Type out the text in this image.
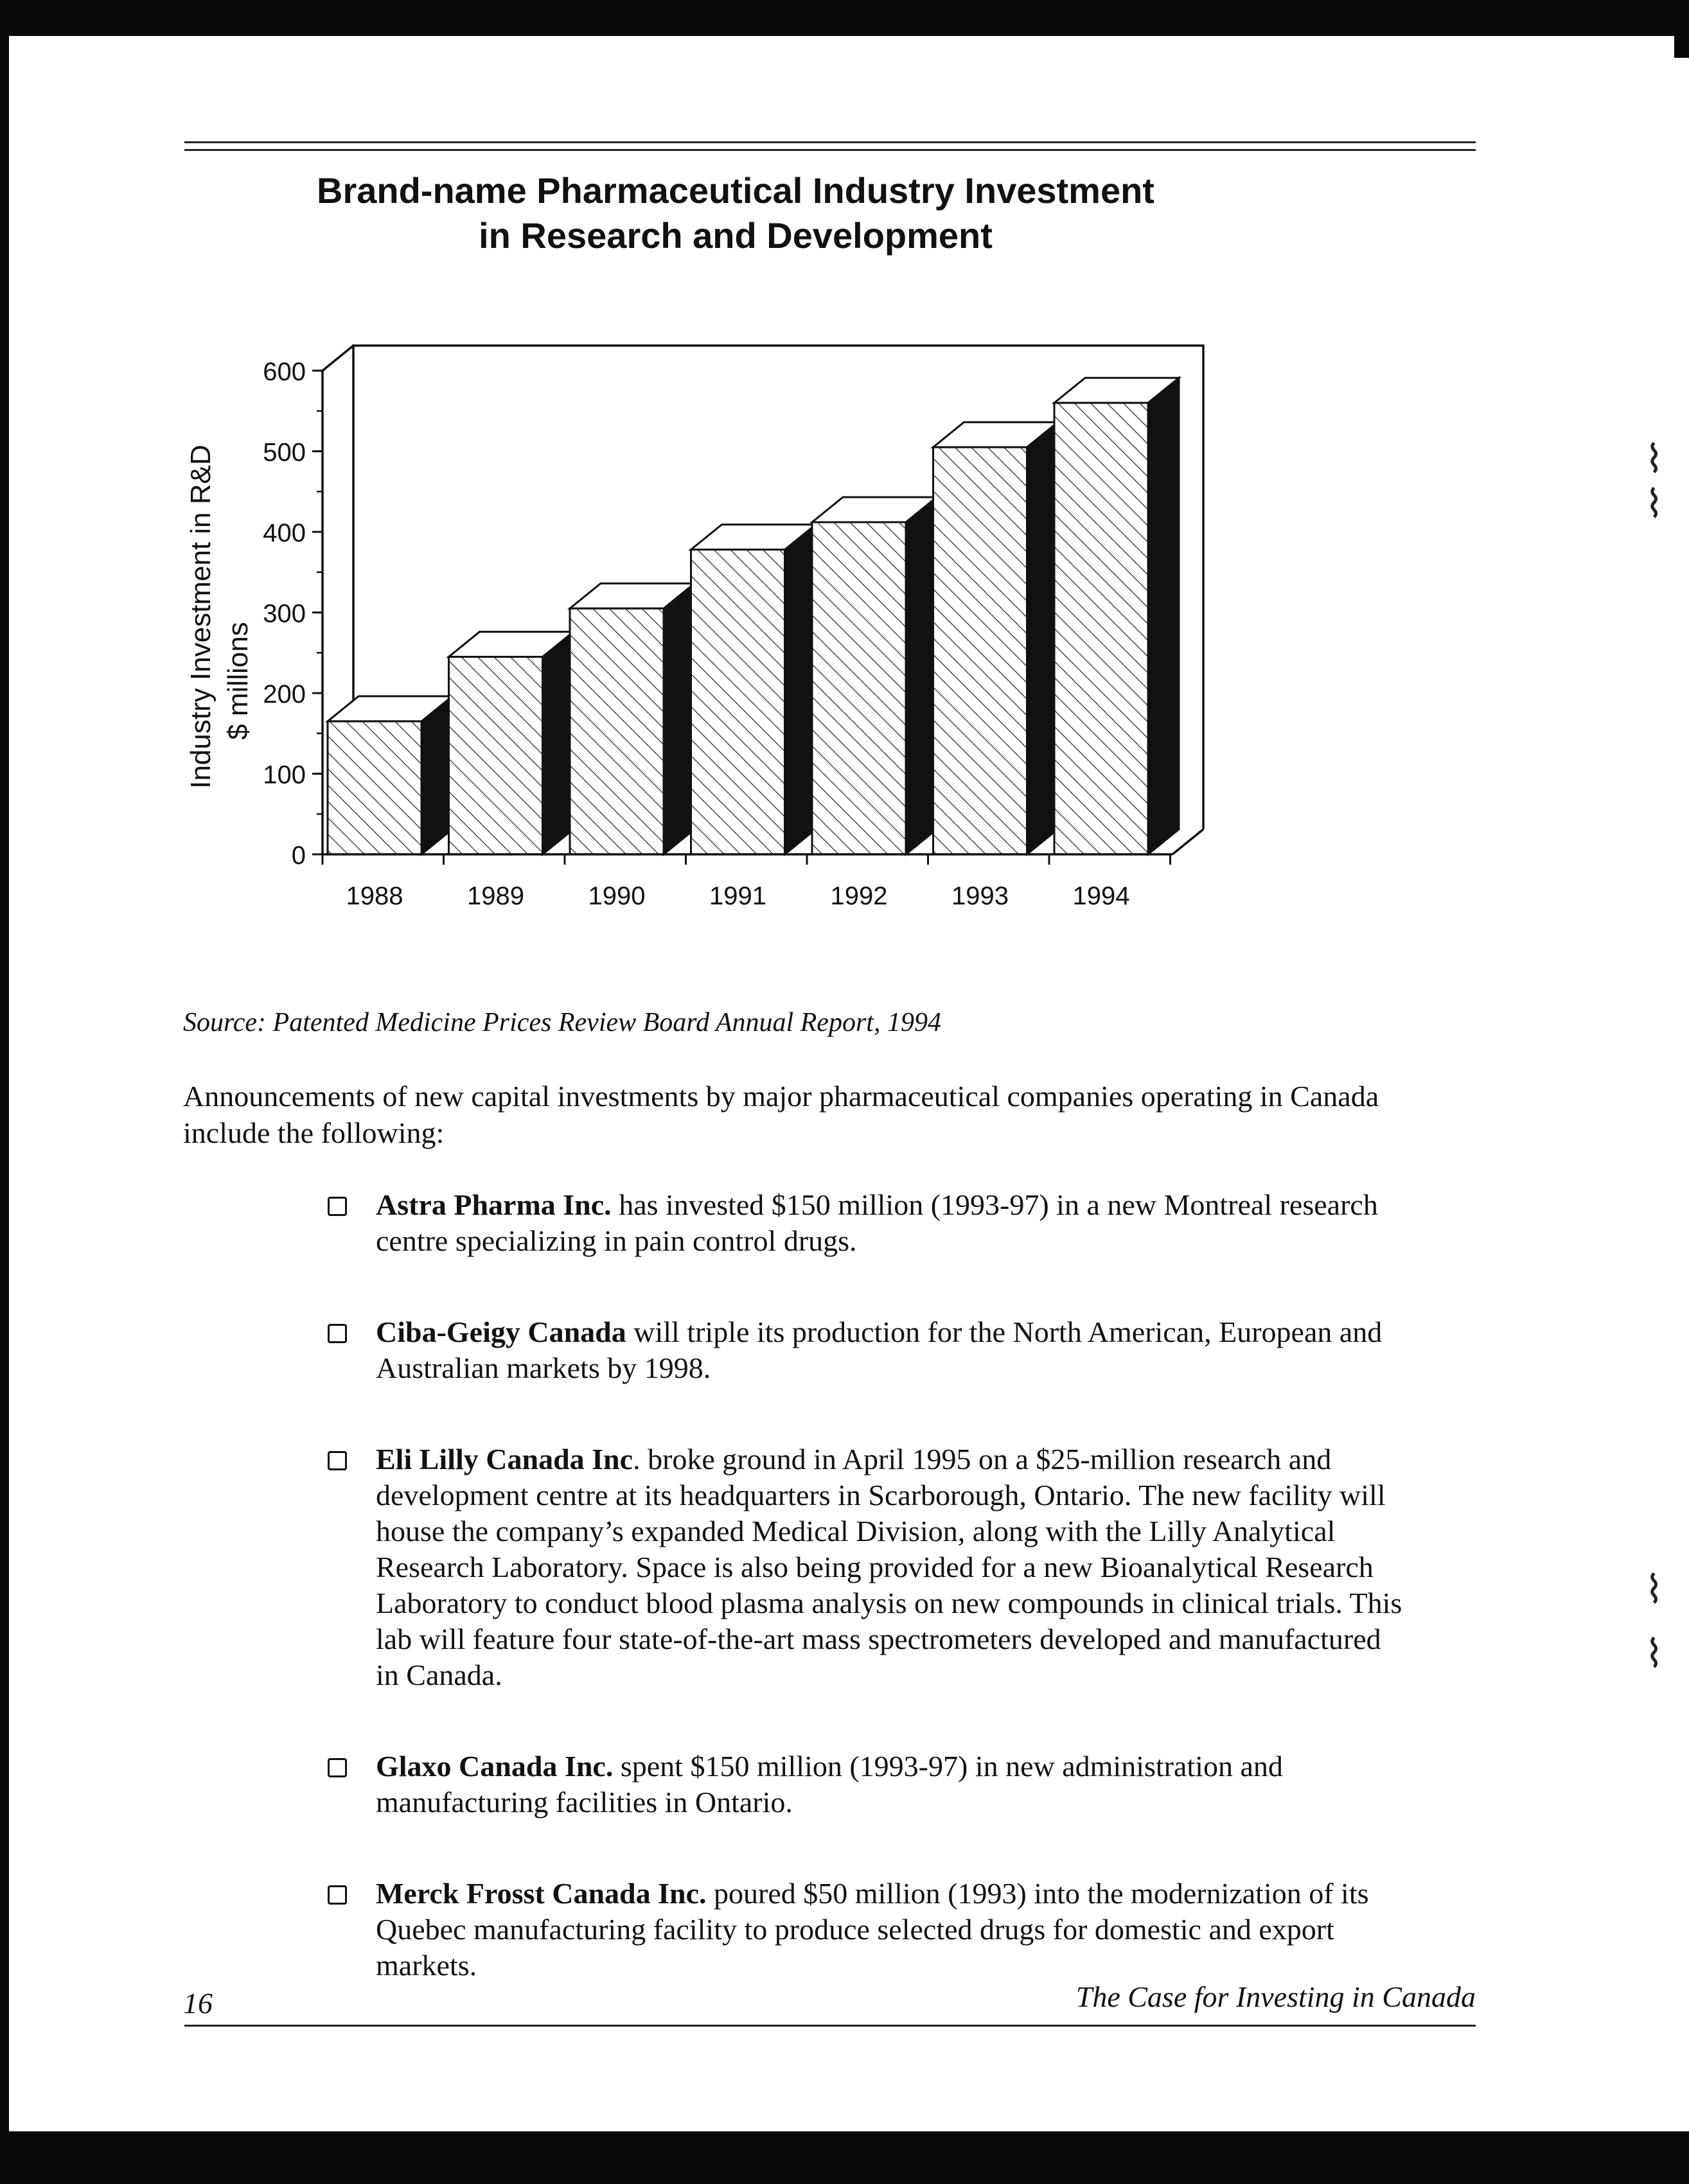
Brand-name Pharmaceutical Industry Investment
in Research and Development
0
100
200
300
400
500
600
1988 1989 1990 1991 1992 1993 1994
Industry Investment in R&D $ millions
Source: Patented Medicine Prices Review Board Annual Report, 1994
Announcements of new capital investments by major pharmaceutical companies operating in Canada include the following:
Astra Pharma Inc. has invested $150 million (1993-97) in a new Montreal research centre specializing in pain control drugs.
Ciba-Geigy Canada will triple its production for the North American, European and Australian markets by 1998.
Eli Lilly Canada Inc. broke ground in April 1995 on a $25-million research and development centre at its headquarters in Scarborough, Ontario. The new facility will house the company’s expanded Medical Division, along with the Lilly Analytical Research Laboratory. Space is also being provided for a new Bioanalytical Research Laboratory to conduct blood plasma analysis on new compounds in clinical trials. This lab will feature four state-of-the-art mass spectrometers developed and manufactured in Canada.
Glaxo Canada Inc. spent $150 million (1993-97) in new administration and manufacturing facilities in Ontario.
Merck Frosst Canada Inc. poured $50 million (1993) into the modernization of its Quebec manufacturing facility to produce selected drugs for domestic and export markets.
16	The Case for Investing in Canada
⌇
⌇
⌇
⌇
